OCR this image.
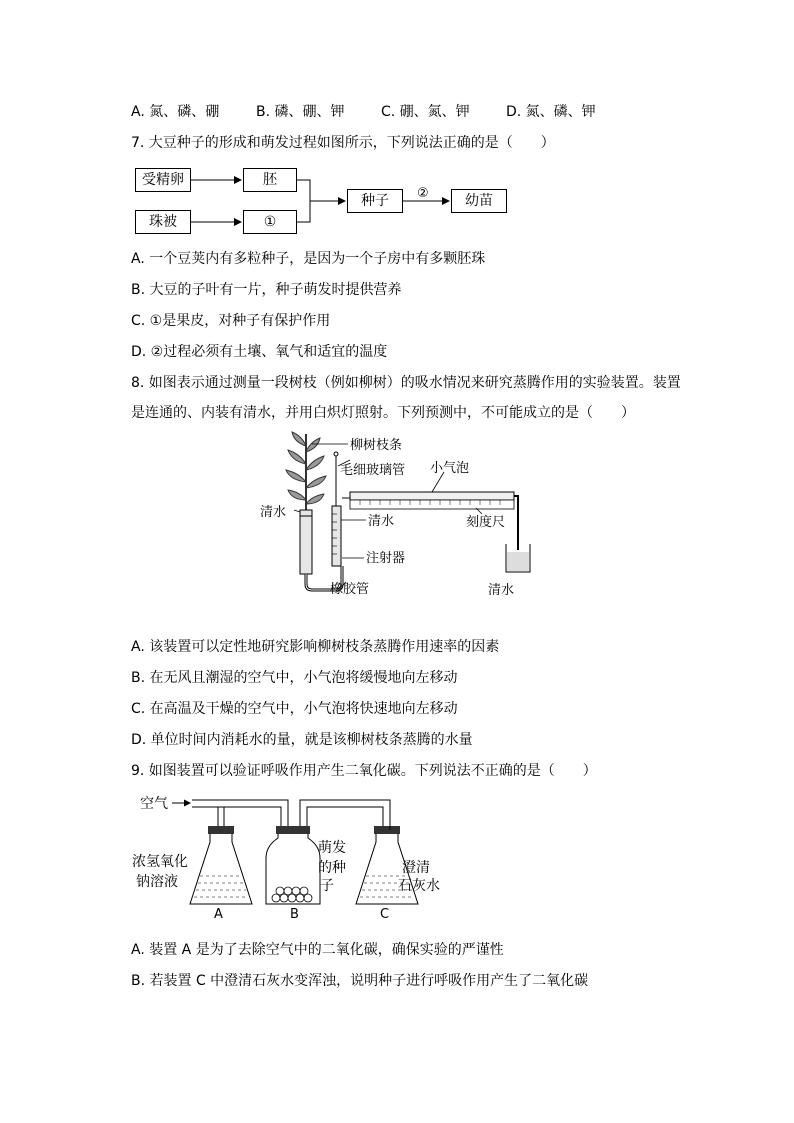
A. 氮、磷、硼	B. 磷、硼、钾	C. 硼、氮、钾	D. 氮、磷、钾
7. 大豆种子的形成和萌发过程如图所示，下列说法正确的是（　　）
受精卵	胚
珠被	①
种子	幼苗
②
A. 一个豆荚内有多粒种子，是因为一个子房中有多颗胚珠
B. 大豆的子叶有一片，种子萌发时提供营养
C. ①是果皮，对种子有保护作用
D. ②过程必须有土壤、氧气和适宜的温度
8. 如图表示通过测量一段树枝（例如柳树）的吸水情况来研究蒸腾作用的实验装置。装置
是连通的、内装有清水，并用白炽灯照射。下列预测中，不可能成立的是（　　）
柳树枝条
毛细玻璃管 小气泡
清水
清水	刻度尺
注射器
橡胶管	清水
A. 该装置可以定性地研究影响柳树枝条蒸腾作用速率的因素
B. 在无风且潮湿的空气中，小气泡将缓慢地向左移动
C. 在高温及干燥的空气中，小气泡将快速地向左移动
D. 单位时间内消耗水的量，就是该柳树枝条蒸腾的水量
9. 如图装置可以验证呼吸作用产生二氧化碳。下列说法不正确的是（　　）
空气
浓氢氧化
钠溶液
萌发
的种
子
澄清
石灰水
A	B	C
A. 装置 A 是为了去除空气中的二氧化碳，确保实验的严谨性
B. 若装置 C 中澄清石灰水变浑浊，说明种子进行呼吸作用产生了二氧化碳
